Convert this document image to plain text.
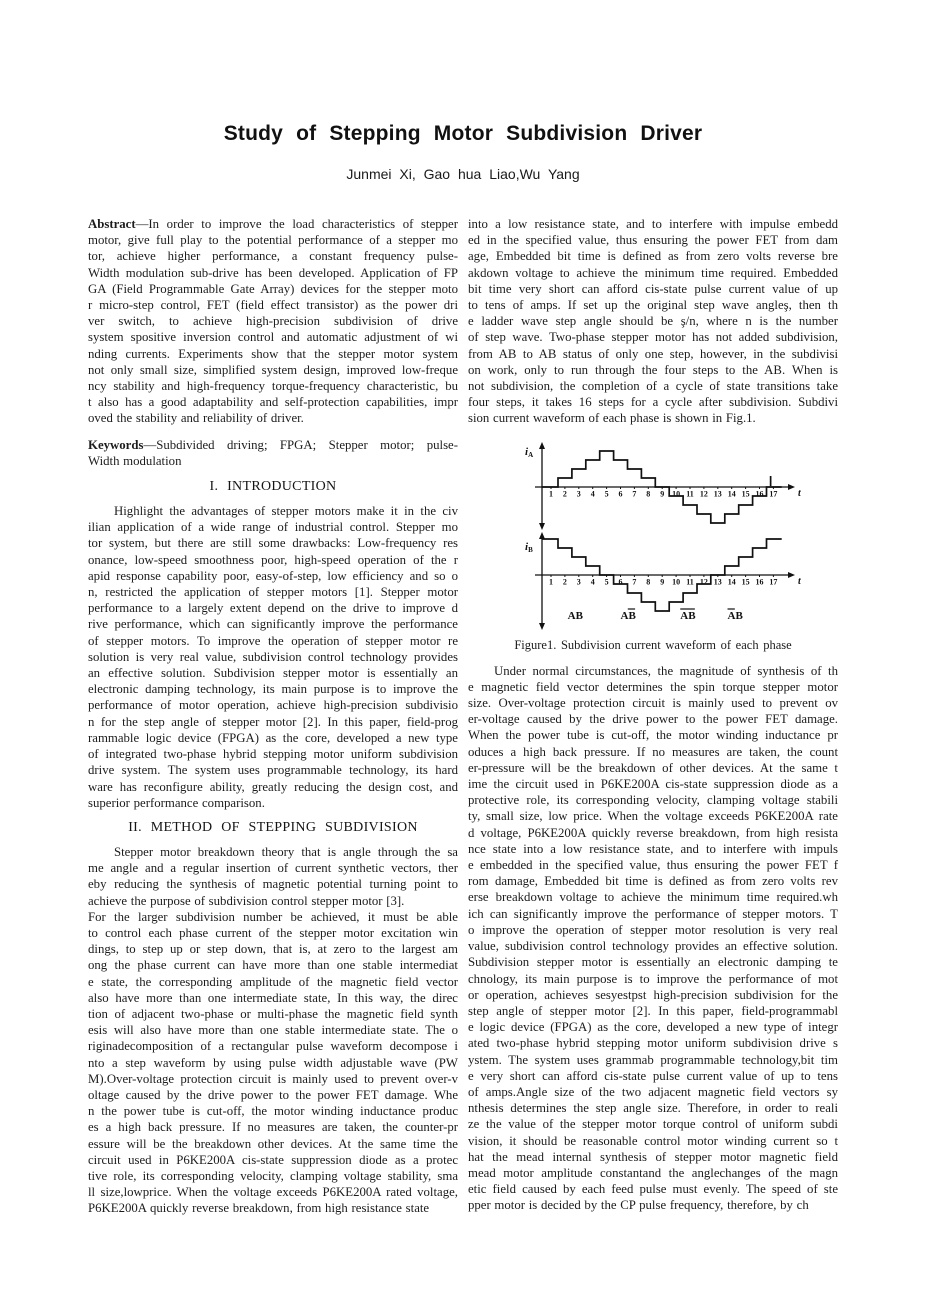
Study of Stepping Motor Subdivision Driver
Junmei Xi, Gao hua Liao,Wu Yang
Abstract—In order to improve the load characteristics of stepper
motor, give full play to the potential performance of a stepper mo
tor, achieve higher performance, a constant frequency pulse-
Width modulation sub-drive has been developed. Application of FP
GA (Field Programmable Gate Array) devices for the stepper moto
r micro-step control, FET (field effect transistor) as the power dri
ver switch, to achieve high-precision subdivision of drive
system spositive inversion control and automatic adjustment of wi
nding currents. Experiments show that the stepper motor system
not only small size, simplified system design, improved low-freque
ncy stability and high-frequency torque-frequency characteristic, bu
t also has a good adaptability and self-protection capabilities, impr
oved the stability and reliability of driver.
Keywords—Subdivided driving; FPGA; Stepper motor; pulse-
Width modulation
I. INTRODUCTION
Highlight the advantages of stepper motors make it in the civ
ilian application of a wide range of industrial control. Stepper mo
tor system, but there are still some drawbacks: Low-frequency res
onance, low-speed smoothness poor, high-speed operation of the r
apid response capability poor, easy-of-step, low efficiency and so o
n, restricted the application of stepper motors [1]. Stepper motor
performance to a largely extent depend on the drive to improve d
rive performance, which can significantly improve the performance
of stepper motors. To improve the operation of stepper motor re
solution is very real value, subdivision control technology provides
an effective solution. Subdivision stepper motor is essentially an
electronic damping technology, its main purpose is to improve the
performance of motor operation, achieve high-precision subdivisio
n for the step angle of stepper motor [2]. In this paper, field-prog
rammable logic device (FPGA) as the core, developed a new type
of integrated two-phase hybrid stepping motor uniform subdivision
drive system. The system uses programmable technology, its hard
ware has reconfigure ability, greatly reducing the design cost, and
superior performance comparison.
II. METHOD OF STEPPING SUBDIVISION
Stepper motor breakdown theory that is angle through the sa
me angle and a regular insertion of current synthetic vectors, ther
eby reducing the synthesis of magnetic potential turning point to
achieve the purpose of subdivision control stepper motor [3].
For the larger subdivision number be achieved, it must be able
to control each phase current of the stepper motor excitation win
dings, to step up or step down, that is, at zero to the largest am
ong the phase current can have more than one stable intermediat
e state, the corresponding amplitude of the magnetic field vector
also have more than one intermediate state, In this way, the direc
tion of adjacent two-phase or multi-phase the magnetic field synth
esis will also have more than one stable intermediate state. The o
riginadecomposition of a rectangular pulse waveform decompose i
nto a step waveform by using pulse width adjustable wave (PW
M).Over-voltage protection circuit is mainly used to prevent over-v
oltage caused by the drive power to the power FET damage. Whe
n the power tube is cut-off, the motor winding inductance produc
es a high back pressure. If no measures are taken, the counter-pr
essure will be the breakdown other devices. At the same time the
circuit used in P6KE200A cis-state suppression diode as a protec
tive role, its corresponding velocity, clamping voltage stability, sma
ll size,lowprice. When the voltage exceeds P6KE200A rated voltage,
P6KE200A quickly reverse breakdown, from high resistance state
into a low resistance state, and to interfere with impulse embedd
ed in the specified value, thus ensuring the power FET from dam
age, Embedded bit time is defined as from zero volts reverse bre
akdown voltage to achieve the minimum time required. Embedded
bit time very short can afford cis-state pulse current value of up
to tens of amps. If set up the original step wave angleş, then th
e ladder wave step angle should be ş/n, where n is the number
of step wave. Two-phase stepper motor has not added subdivision,
from AB to AB status of only one step, however, in the subdivisi
on work, only to run through the four steps to the AB. When is
not subdivision, the completion of a cycle of state transitions take
four steps, it takes 16 steps for a cycle after subdivision. Subdivi
sion current waveform of each phase is shown in Fig.1.
iA
1 2 3 4 5 6 7 8 9 10 11 12 13 14 15 16 17 t
iB
1 2 3 4 5 6 7 8 9 10 11 12 13 14 15 16 17 t
AB	AB	AB	AB
Figure1. Subdivision current waveform of each phase
Under normal circumstances, the magnitude of synthesis of th
e magnetic field vector determines the spin torque stepper motor
size. Over-voltage protection circuit is mainly used to prevent ov
er-voltage caused by the drive power to the power FET damage.
When the power tube is cut-off, the motor winding inductance pr
oduces a high back pressure. If no measures are taken, the count
er-pressure will be the breakdown of other devices. At the same t
ime the circuit used in P6KE200A cis-state suppression diode as a
protective role, its corresponding velocity, clamping voltage stabili
ty, small size, low price. When the voltage exceeds P6KE200A rate
d voltage, P6KE200A quickly reverse breakdown, from high resista
nce state into a low resistance state, and to interfere with impuls
e embedded in the specified value, thus ensuring the power FET f
rom damage, Embedded bit time is defined as from zero volts rev
erse breakdown voltage to achieve the minimum time required.wh
ich can significantly improve the performance of stepper motors. T
o improve the operation of stepper motor resolution is very real
value, subdivision control technology provides an effective solution.
Subdivision stepper motor is essentially an electronic damping te
chnology, its main purpose is to improve the performance of mot
or operation, achieves sesyestpst high-precision subdivision for the
step angle of stepper motor [2]. In this paper, field-programmabl
e logic device (FPGA) as the core, developed a new type of integr
ated two-phase hybrid stepping motor uniform subdivision drive s
ystem. The system uses grammab programmable technology,bit tim
e very short can afford cis-state pulse current value of up to tens
of amps.Angle size of the two adjacent magnetic field vectors sy
nthesis determines the step angle size. Therefore, in order to reali
ze the value of the stepper motor torque control of uniform subdi
vision, it should be reasonable control motor winding current so t
hat the mead internal synthesis of stepper motor magnetic field
mead motor amplitude constantand the anglechanges of the magn
etic field caused by each feed pulse must evenly. The speed of ste
pper motor is decided by the CP pulse frequency, therefore, by ch
